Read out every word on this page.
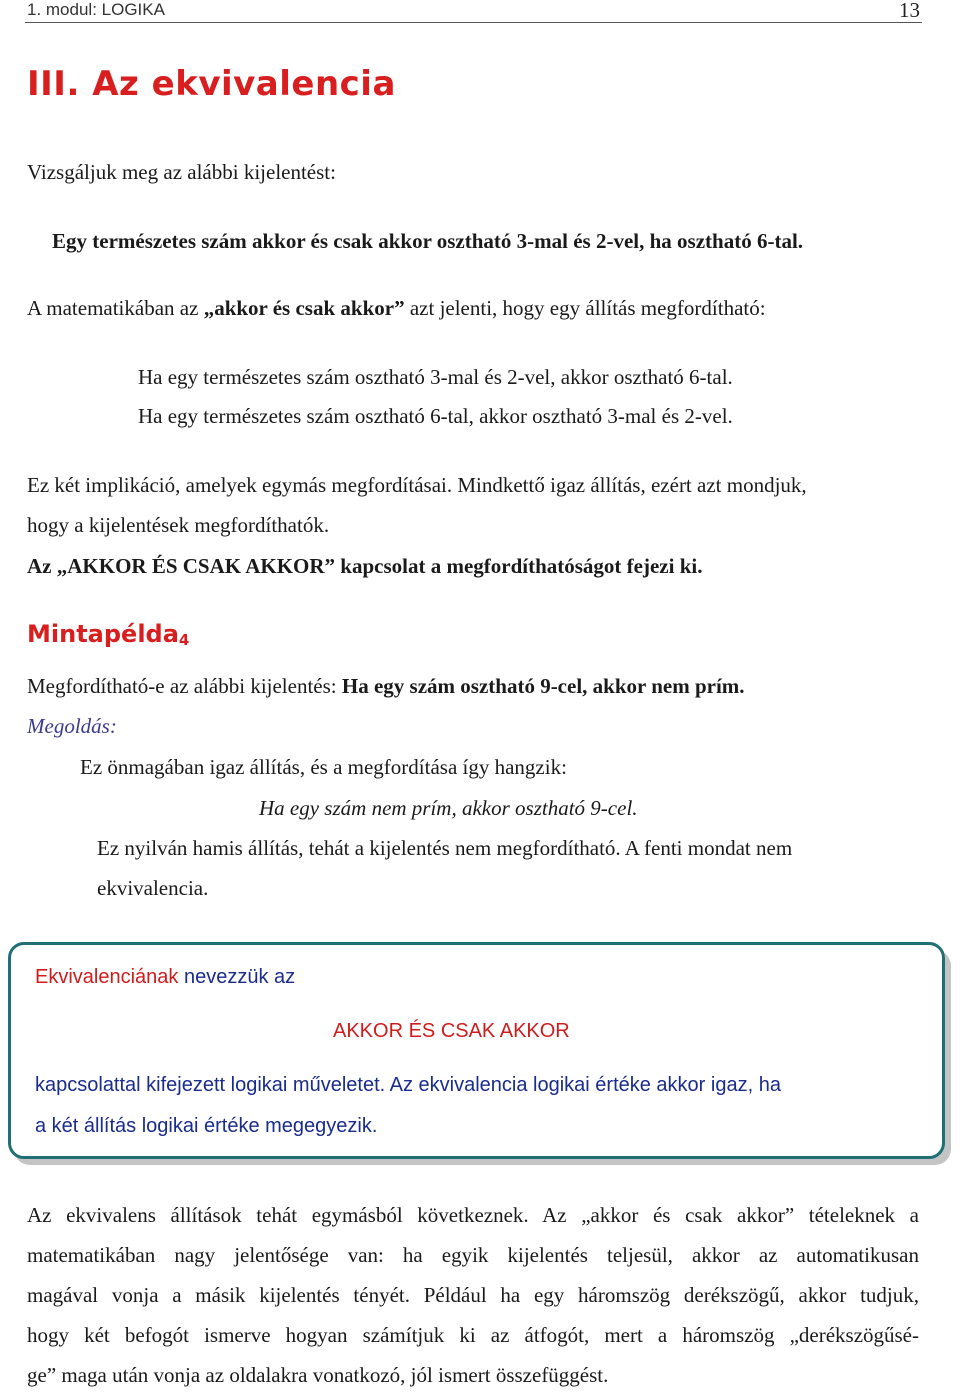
1. modul: LOGIKA	13
III. Az ekvivalencia
Vizsgáljuk meg az alábbi kijelentést:
Egy természetes szám akkor és csak akkor osztható 3-mal és 2-vel, ha osztható 6-tal.
A matematikában az „akkor és csak akkor” azt jelenti, hogy egy állítás megfordítható:
Ha egy természetes szám osztható 3-mal és 2-vel, akkor osztható 6-tal.
Ha egy természetes szám osztható 6-tal, akkor osztható 3-mal és 2-vel.
Ez két implikáció, amelyek egymás megfordításai. Mindkettő igaz állítás, ezért azt mondjuk,
hogy a kijelentések megfordíthatók.
Az „AKKOR ÉS CSAK AKKOR” kapcsolat a megfordíthatóságot fejezi ki.
Mintapélda$_4$
Megfordítható-e az alábbi kijelentés: Ha egy szám osztható 9-cel, akkor nem prím.
Megoldás:
Ez önmagában igaz állítás, és a megfordítása így hangzik:
Ha egy szám nem prím, akkor osztható 9-cel.
Ez nyilván hamis állítás, tehát a kijelentés nem megfordítható. A fenti mondat nem
ekvivalencia.
Ekvivalenciának nevezzük az
AKKOR ÉS CSAK AKKOR
kapcsolattal kifejezett logikai műveletet. Az ekvivalencia logikai értéke akkor igaz, ha
a két állítás logikai értéke megegyezik.
Az ekvivalens állítások tehát egymásból következnek. Az „akkor és csak akkor” tételeknek a
matematikában nagy jelentősége van: ha egyik kijelentés teljesül, akkor az automatikusan
magával vonja a másik kijelentés tényét. Például ha egy háromszög derékszögű, akkor tudjuk,
hogy két befogót ismerve hogyan számítjuk ki az átfogót, mert a háromszög „derékszögűsé-
ge” maga után vonja az oldalakra vonatkozó, jól ismert összefüggést.
